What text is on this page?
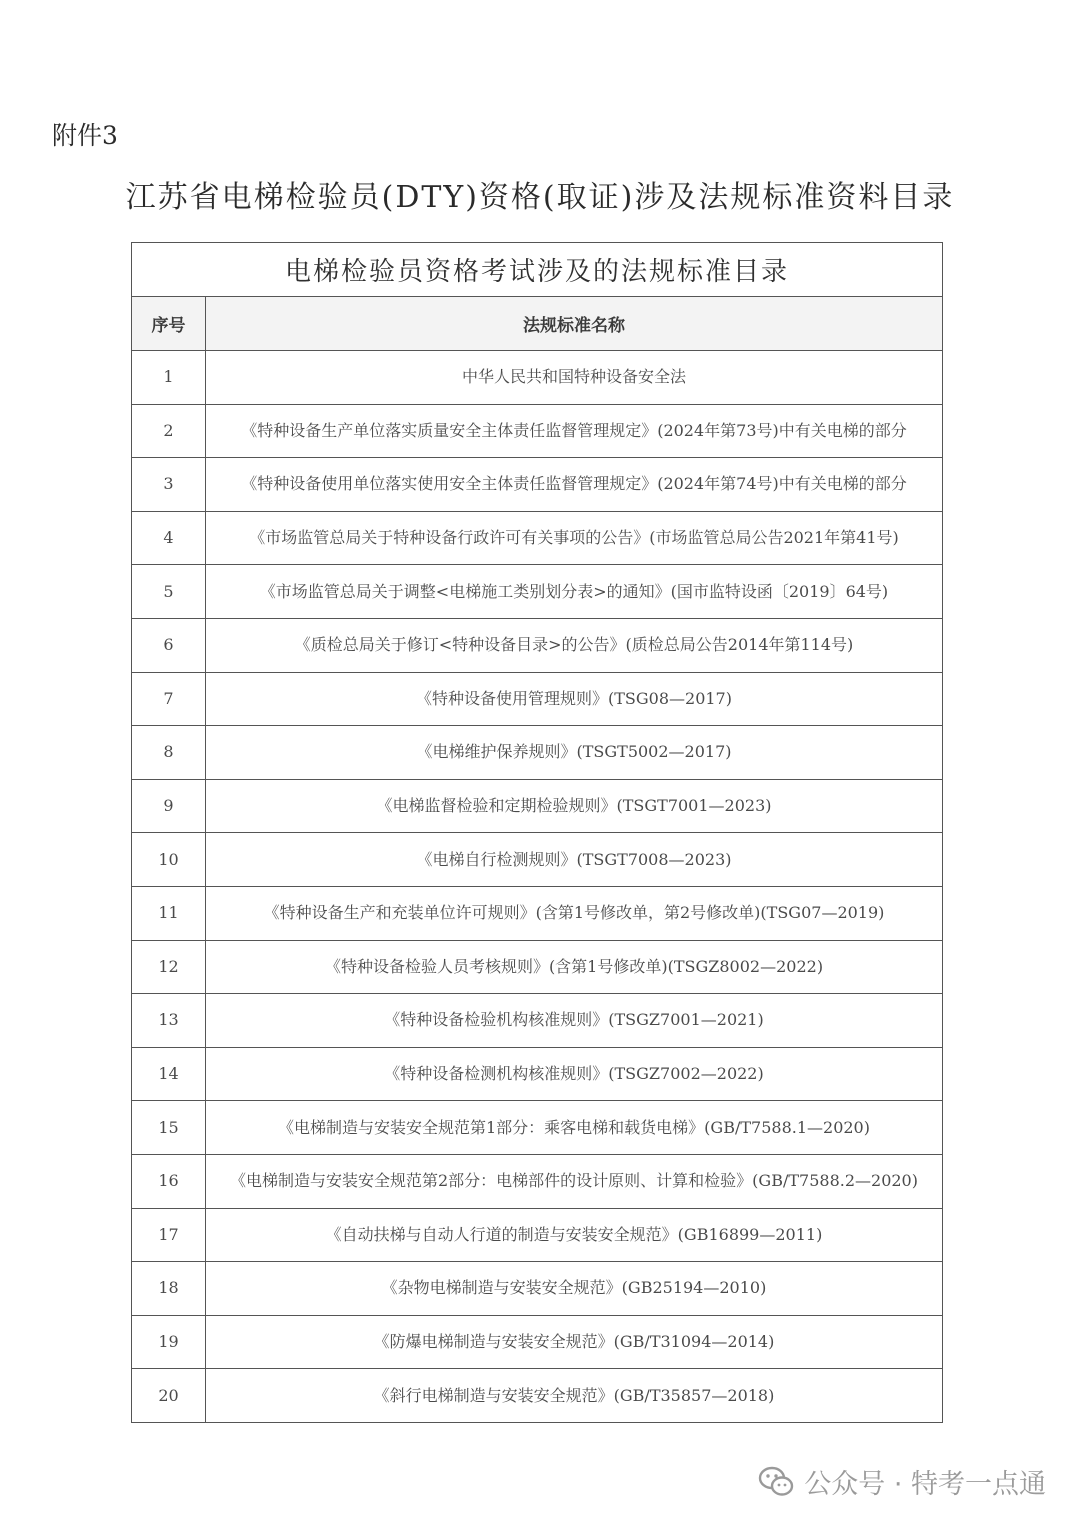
附件3
江苏省电梯检验员(DTY)资格(取证)涉及法规标准资料目录
电梯检验员资格考试涉及的法规标准目录	
序号	法规标准名称
1	中华人民共和国特种设备安全法
2	《特种设备生产单位落实质量安全主体责任监督管理规定》(2024年第73号)中有关电梯的部分
3	《特种设备使用单位落实使用安全主体责任监督管理规定》(2024年第74号)中有关电梯的部分
4	《市场监管总局关于特种设备行政许可有关事项的公告》(市场监管总局公告2021年第41号)
5	《市场监管总局关于调整<电梯施工类别划分表>的通知》(国市监特设函〔2019〕64号)
6	《质检总局关于修订<特种设备目录>的公告》(质检总局公告2014年第114号)
7	《特种设备使用管理规则》(TSG08—2017)
8	《电梯维护保养规则》(TSGT5002—2017)
9	《电梯监督检验和定期检验规则》(TSGT7001—2023)
10	《电梯自行检测规则》(TSGT7008—2023)
11	《特种设备生产和充装单位许可规则》(含第1号修改单，第2号修改单)(TSG07—2019)
12	《特种设备检验人员考核规则》(含第1号修改单)(TSGZ8002—2022)
13	《特种设备检验机构核准规则》(TSGZ7001—2021)
14	《特种设备检测机构核准规则》(TSGZ7002—2022)
15	《电梯制造与安装安全规范第1部分：乘客电梯和载货电梯》(GB/T7588.1—2020)
16	《电梯制造与安装安全规范第2部分：电梯部件的设计原则、计算和检验》(GB/T7588.2—2020)
17	《自动扶梯与自动人行道的制造与安装安全规范》(GB16899—2011)
18	《杂物电梯制造与安装安全规范》(GB25194—2010)
19	《防爆电梯制造与安装安全规范》(GB/T31094—2014)
20	《斜行电梯制造与安装安全规范》(GB/T35857—2018)
公众号 · 特考一点通
